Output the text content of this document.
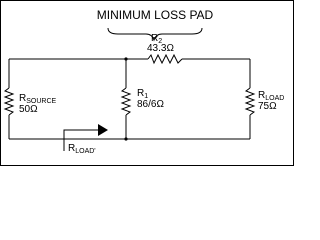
MINIMUM LOSS PAD
$R_2$
43.3Ω
$R_{SOURCE}$
50Ω
$R_1$
86/6Ω
$R_{LOAD}$
75Ω
$R_{LOAD'}$
